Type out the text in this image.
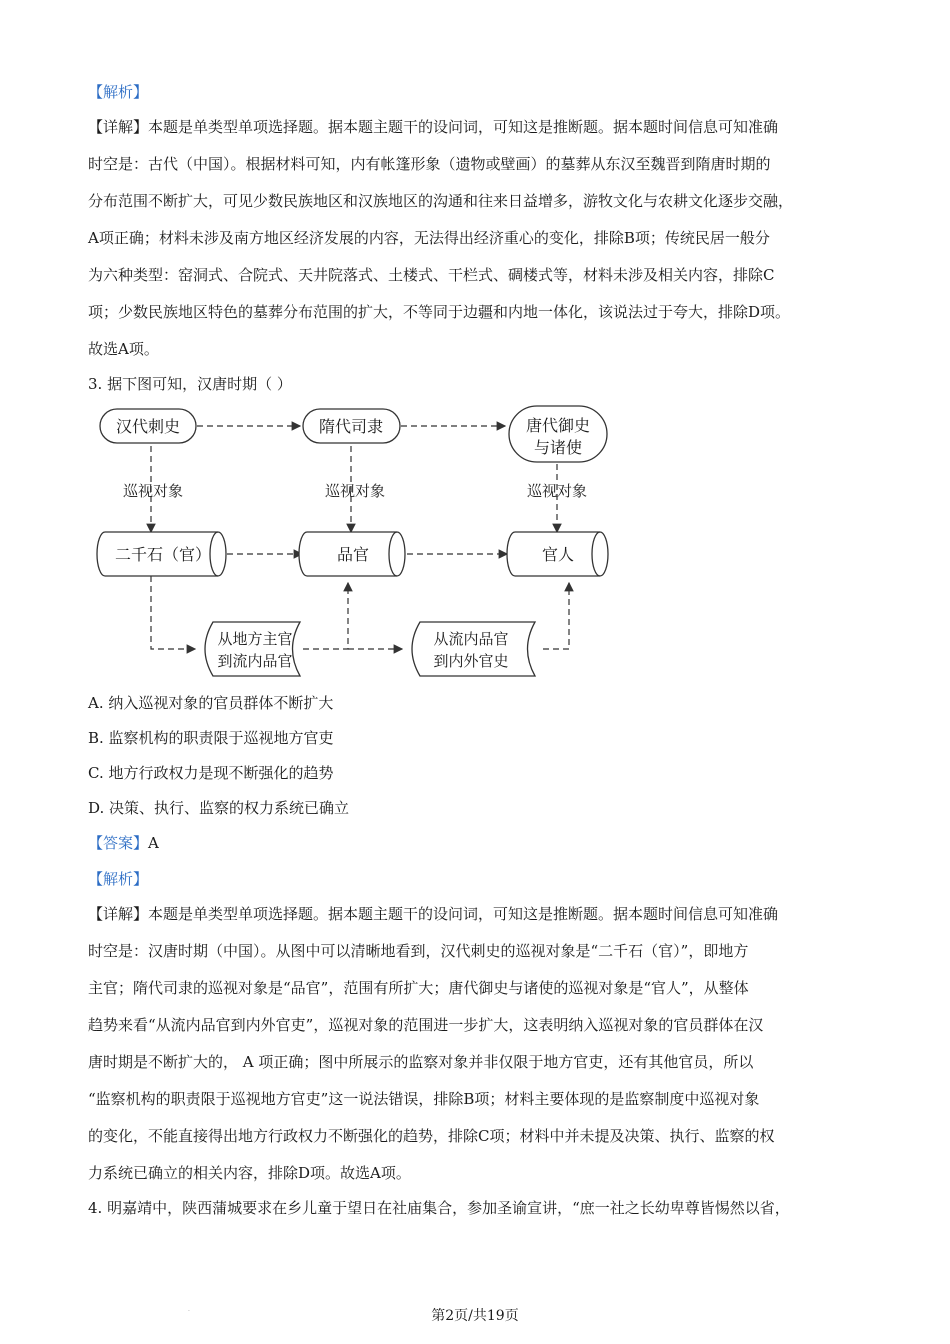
【解析】
【详解】本题是单类型单项选择题。据本题主题干的设问词，可知这是推断题。据本题时间信息可知准确
时空是：古代（中国）。根据材料可知，内有帐篷形象（遗物或壁画）的墓葬从东汉至魏晋到隋唐时期的
分布范围不断扩大，可见少数民族地区和汉族地区的沟通和往来日益增多，游牧文化与农耕文化逐步交融，
A项正确；材料未涉及南方地区经济发展的内容，无法得出经济重心的变化，排除B项；传统民居一般分
为六种类型：窑洞式、合院式、天井院落式、土楼式、干栏式、碉楼式等，材料未涉及相关内容，排除C
项；少数民族地区特色的墓葬分布范围的扩大，不等同于边疆和内地一体化，该说法过于夸大，排除D项。
故选A项。
3. 据下图可知，汉唐时期（ ）
汉代刺史	隋代司隶	唐代御史
与诸使
巡视对象	巡视对象	巡视对象
二千石（官）	品官	官人
从地方主官
到流内品官
从流内品官
到内外官史
A. 纳入巡视对象的官员群体不断扩大
B. 监察机构的职责限于巡视地方官吏
C. 地方行政权力是现不断强化的趋势
D. 决策、执行、监察的权力系统已确立
【答案】A
【解析】
【详解】本题是单类型单项选择题。据本题主题干的设问词，可知这是推断题。据本题时间信息可知准确
时空是：汉唐时期（中国）。从图中可以清晰地看到，汉代刺史的巡视对象是“二千石（官）”，即地方
主官；隋代司隶的巡视对象是“品官”，范围有所扩大；唐代御史与诸使的巡视对象是“官人”，从整体
趋势来看“从流内品官到内外官吏”，巡视对象的范围进一步扩大，这表明纳入巡视对象的官员群体在汉
唐时期是不断扩大的， A 项正确；图中所展示的监察对象并非仅限于地方官吏，还有其他官员，所以
“监察机构的职责限于巡视地方官吏”这一说法错误，排除B项；材料主要体现的是监察制度中巡视对象
的变化，不能直接得出地方行政权力不断强化的趋势，排除C项；材料中并未提及决策、执行、监察的权
力系统已确立的相关内容，排除D项。故选A项。
4. 明嘉靖中，陕西蒲城要求在乡儿童于望日在社庙集合，参加圣谕宣讲，“庶一社之长幼卑尊皆惕然以省，
·	第2页/共19页
